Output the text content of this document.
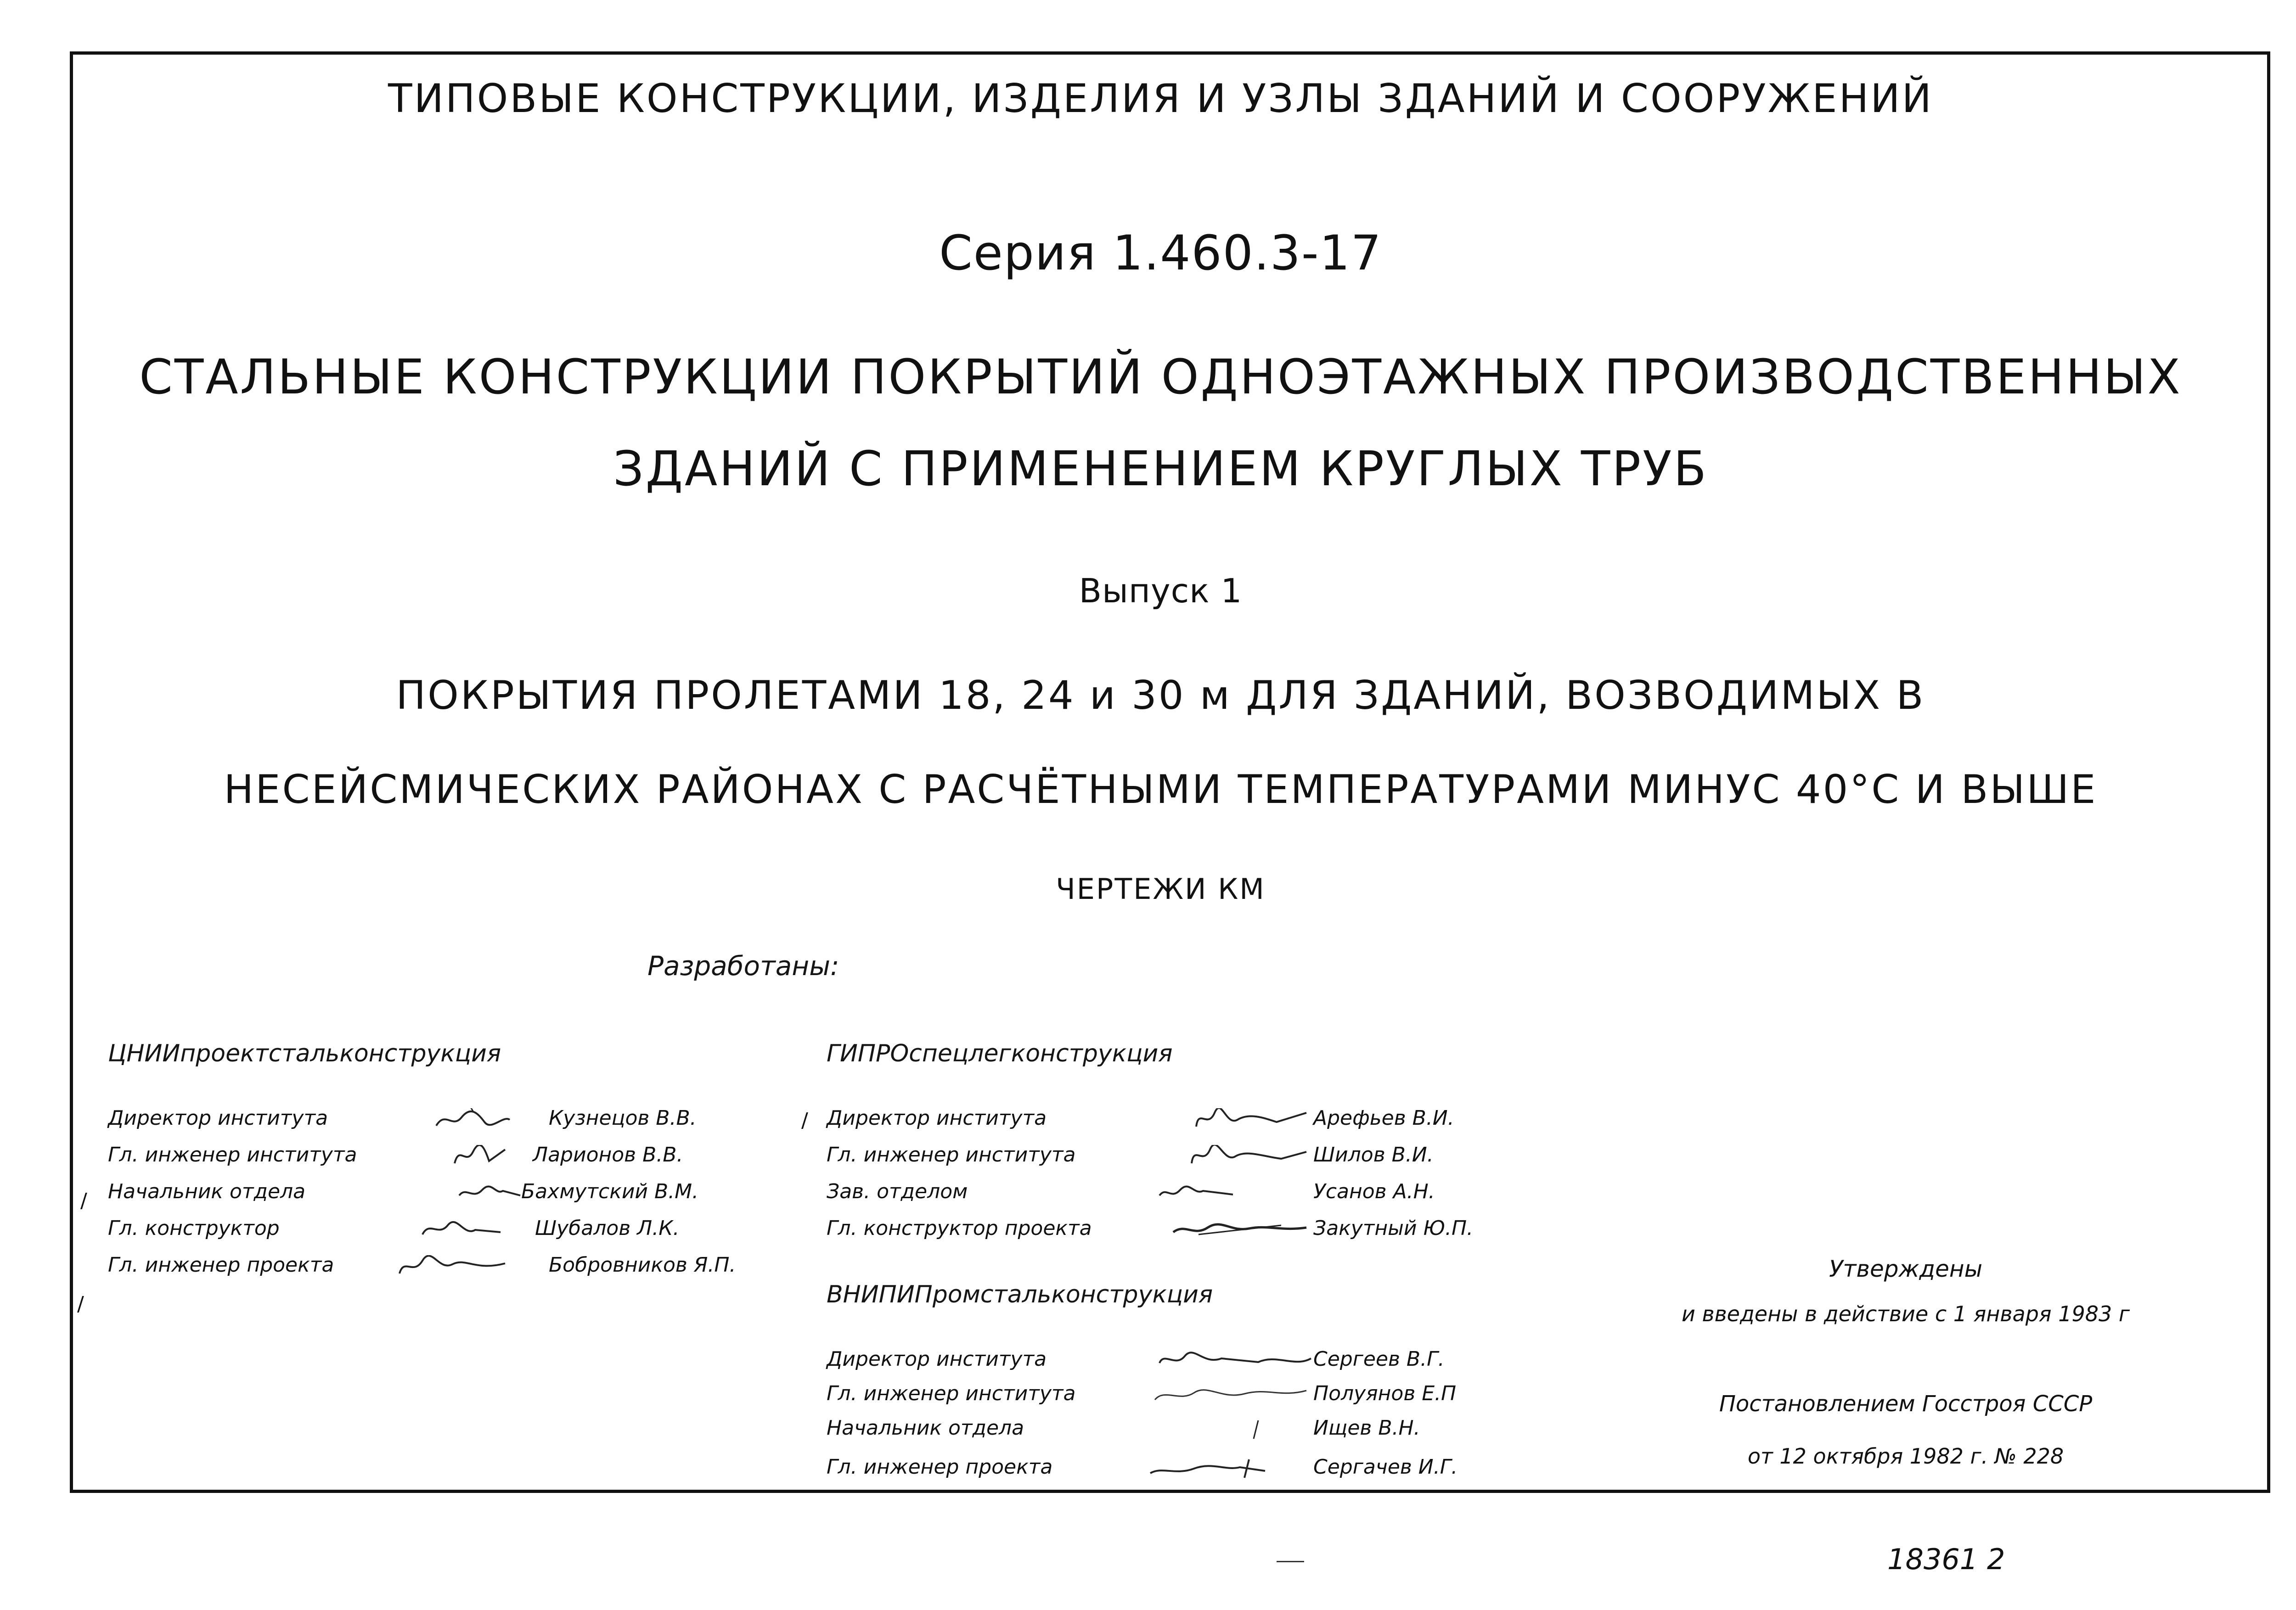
ТИПОВЫЕ КОНСТРУКЦИИ, ИЗДЕЛИЯ И УЗЛЫ ЗДАНИЙ И СООРУЖЕНИЙ
Серия 1.460.3-17
СТАЛЬНЫЕ КОНСТРУКЦИИ ПОКРЫТИЙ ОДНОЭТАЖНЫХ ПРОИЗВОДСТВЕННЫХ
ЗДАНИЙ С ПРИМЕНЕНИЕМ КРУГЛЫХ ТРУБ
Выпуск 1
ПОКРЫТИЯ ПРОЛЕТАМИ 18, 24 и 30 м ДЛЯ ЗДАНИЙ, ВОЗВОДИМЫХ В
НЕСЕЙСМИЧЕСКИХ РАЙОНАХ С РАСЧЁТНЫМИ ТЕМПЕРАТУРАМИ МИНУС 40°С И ВЫШЕ
ЧЕРТЕЖИ КМ
Разработаны:
ЦНИИпроектстальконструкция
/
/
Директор института	Кузнецов В.В.
Гл. инженер института	Ларионов В.В.
Начальник отдела	Бахмутский В.М.
Гл. конструктор	Шубалов Л.К.
Гл. инженер проекта	Бобровников Я.П.
ГИПРОспецлегконструкция
/ Директор института	Арефьев В.И.
Гл. инженер института	Шилов В.И.
Зав. отделом	Усанов А.Н.
Гл. конструктор проекта	Закутный Ю.П.
ВНИПИПромстальконструкция
Директор института	Сергеев В.Г.
Гл. инженер института	Полуянов Е.П
Начальник отдела	Ищев В.Н.
Гл. инженер проекта	Сергачев И.Г.
Утверждены
и введены в действие с 1 января 1983 г
Постановлением Госстроя СССР
от 12 октября 1982 г. № 228
18361 2
